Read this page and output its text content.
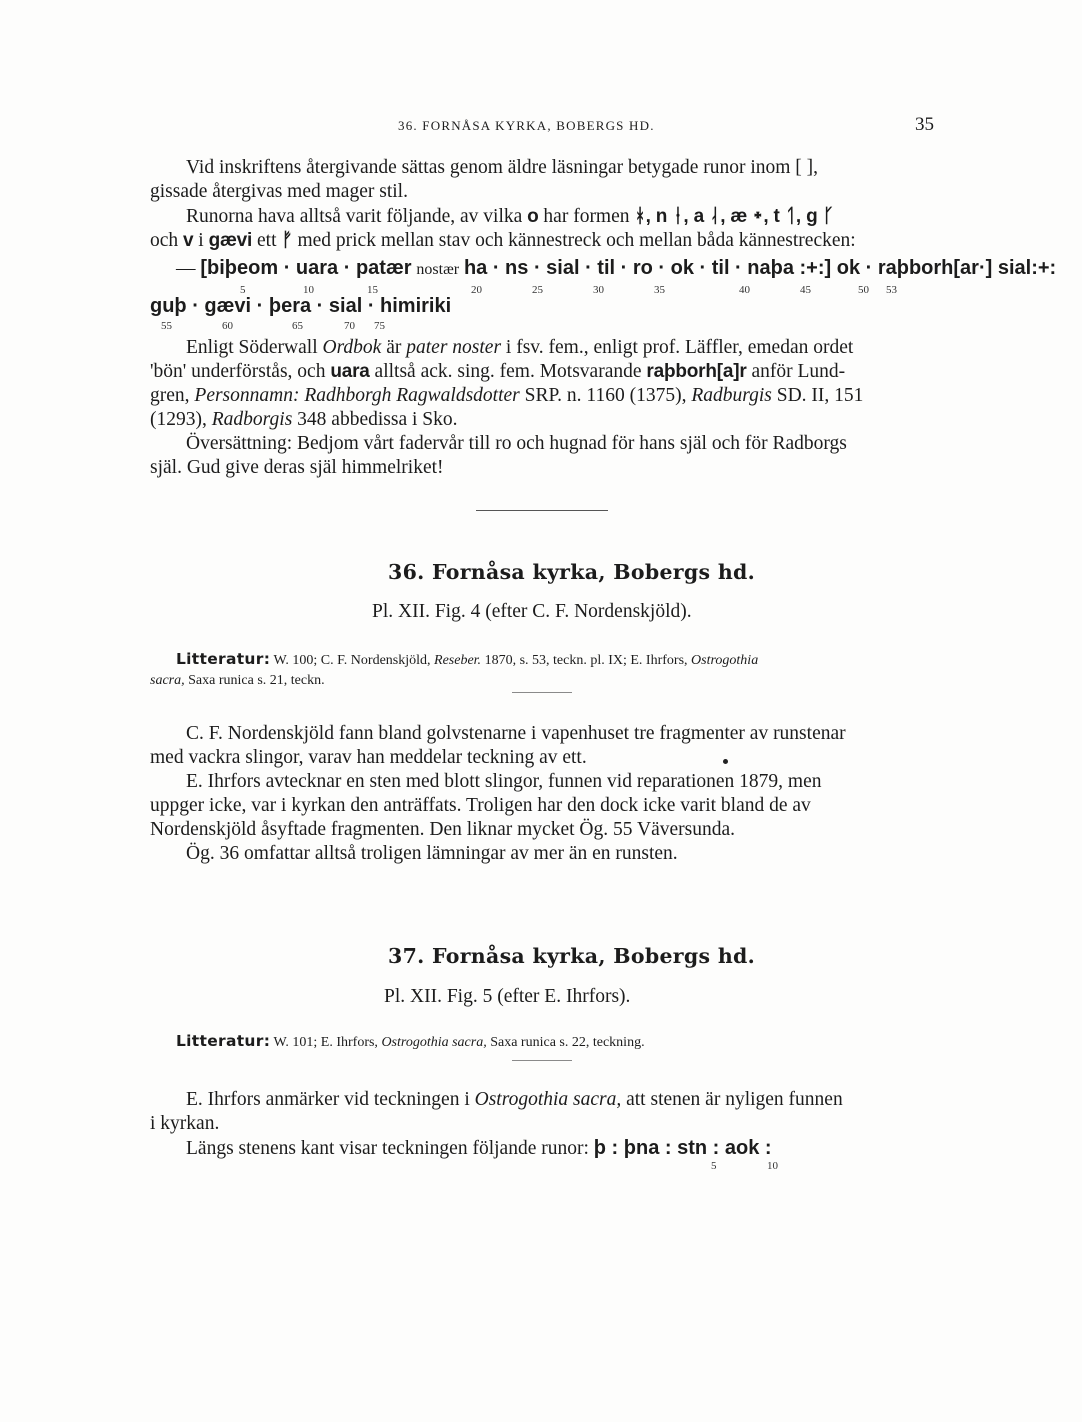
36. FORNÅSA KYRKA, BOBERGS HD.	35
Vid inskriftens återgivande sättas genom äldre läsningar betygade runor inom [ ],
gissade återgivas med mager stil.
Runorna hava alltså varit följande, av vilka o har formen ᚼ, n ᚽ, a ᛆ, æ ᛭, t ᛐ, g ᚴ
och v i gævi ett ᚠ med prick mellan stav och kännestreck och mellan båda kännestrecken:
— [biþeom · uara · patær nostær ha · ns · sial · til · ro · ok · til · naþa :+:] ok · raþborh[ar·] sial:+:
5	10	15	20	25	30	35	40	45	50 53
guþ · gævi · þera · sial · himiriki
55	60	65	70 75
Enligt Söderwall Ordbok är pater noster i fsv. fem., enligt prof. Läffler, emedan ordet
'bön' underförstås, och uara alltså ack. sing. fem. Motsvarande raþborh[a]r anför Lund-
gren, Personnamn: Radhborgh Ragwaldsdotter SRP. n. 1160 (1375), Radburgis SD. II, 151
(1293), Radborgis 348 abbedissa i Sko.
Översättning: Bedjom vårt fadervår till ro och hugnad för hans själ och för Radborgs
själ. Gud give deras själ himmelriket!
36. Fornåsa kyrka, Bobergs hd.
Pl. XII. Fig. 4 (efter C. F. Nordenskjöld).
Litteratur: W. 100; C. F. Nordenskjöld, Reseber. 1870, s. 53, teckn. pl. IX; E. Ihrfors, Ostrogothia
sacra, Saxa runica s. 21, teckn.
C. F. Nordenskjöld fann bland golvstenarne i vapenhuset tre fragmenter av runstenar
med vackra slingor, varav han meddelar teckning av ett.
E. Ihrfors avtecknar en sten med blott slingor, funnen vid reparationen 1879, men
uppger icke, var i kyrkan den anträffats. Troligen har den dock icke varit bland de av
Nordenskjöld åsyftade fragmenten. Den liknar mycket Ög. 55 Väversunda.
Ög. 36 omfattar alltså troligen lämningar av mer än en runsten.
37. Fornåsa kyrka, Bobergs hd.
Pl. XII. Fig. 5 (efter E. Ihrfors).
Litteratur: W. 101; E. Ihrfors, Ostrogothia sacra, Saxa runica s. 22, teckning.
E. Ihrfors anmärker vid teckningen i Ostrogothia sacra, att stenen är nyligen funnen
i kyrkan.
Längs stenens kant visar teckningen följande runor: þ : þna : stn : aok :
5	10
